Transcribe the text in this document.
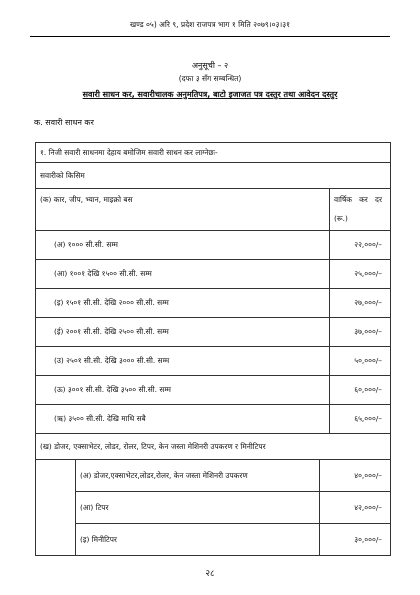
खण्ड ०५) अरि ९, प्रदेश राजपत्र भाग १ मिति २०७९।०३।३१
अनुसूची – २
(दफा ३ सँग सम्बन्धित)
सवारी साधन कर, सवारीचालक अनुमतिपत्र, बाटो इजाजत पत्र दस्तुर तथा आवेदन दस्तुर
क. सवारी साधन कर
१. निजी सवारी साधनमा देहाय बमोजिम सवारी साधन कर लाग्नेछः-	
सवारीको किसिम	
(क) कार, जीप, भ्यान, माइक्रो बस	वार्षिक कर दर
(रू.)

(अ) १००० सी.सी. सम्म	२२,०००/–
(आ) १००१ देखि १५०० सी.सी. सम्म	२५,०००/–
(इ) १५०१ सी.सी. देखि २००० सी.सी. सम्म	२७,०००/–
(ई) २००१ सी.सी. देखि २५०० सी.सी. सम्म	३७,०००/–
(उ) २५०१ सी.सी. देखि ३००० सी.सी. सम्म	५०,०००/–
(ऊ) ३००१ सी.सी. देखि ३५०० सी.सी. सम्म	६०,०००/–
(ऋ) ३५०० सी.सी. देखि माथि सबै	६५,०००/–
(ख) डोजर, एक्साभेटर, लोडर, रोलर, टिपर, केन जस्ता मेशिनरी उपकरण र मिनीटिपर		
	(अ) डोजर,एक्साभेटर,लोडर,रोलर, केन जस्ता मेशिनरी उपकरण	४०,०००/–
	(आ) टिपर	४२,०००/–
	(इ) मिनीटिपर	३०,०००/–
२८
